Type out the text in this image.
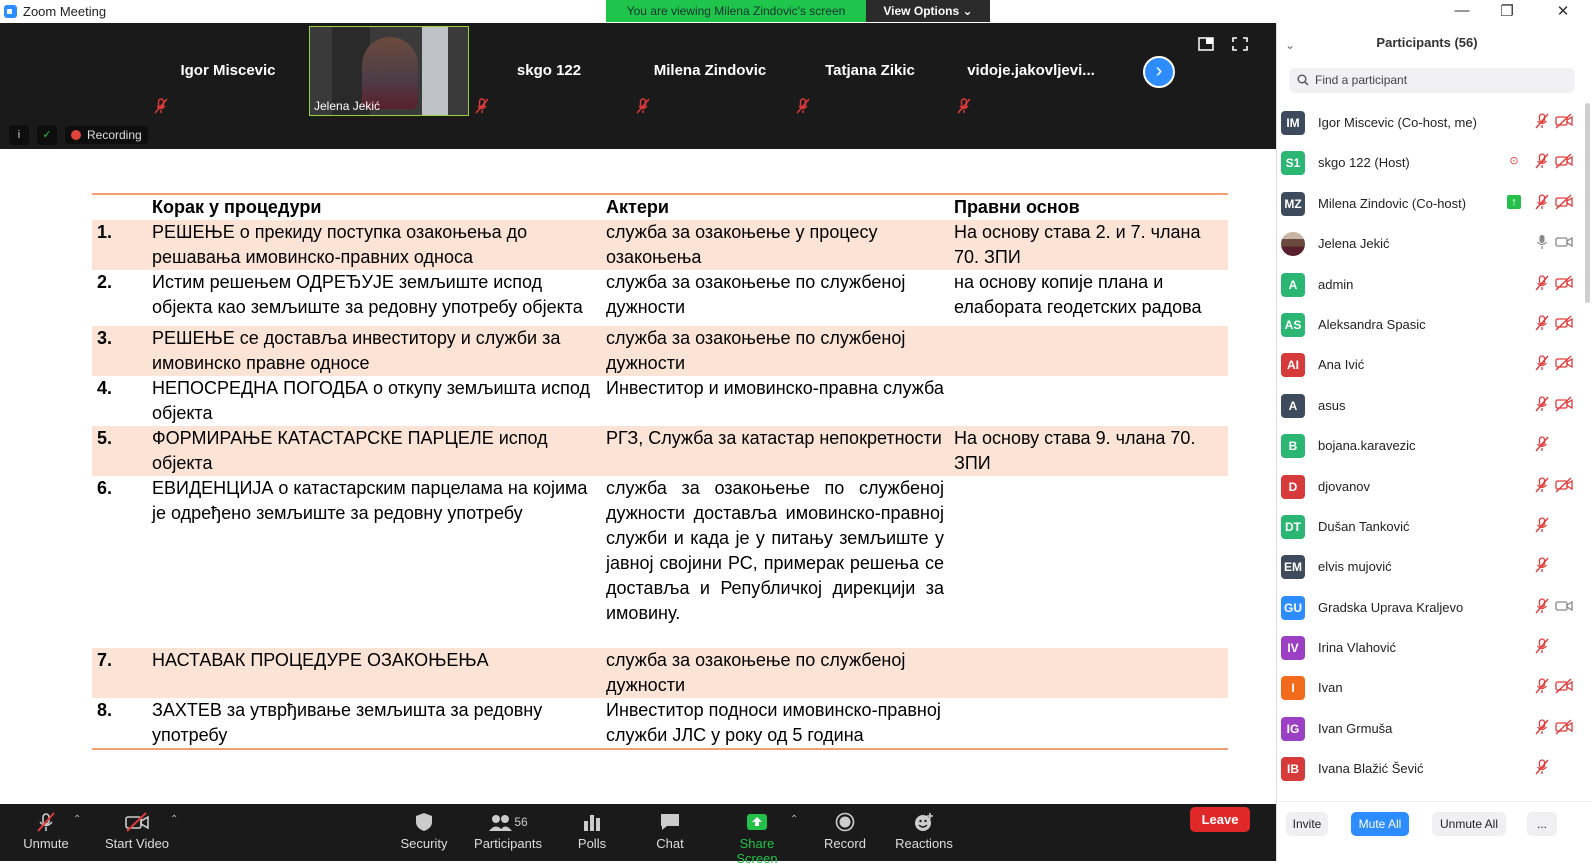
Zoom Meeting	You are viewing Milena Zindovic's screen	View Options ⌄	—	❐	✕
Igor Miscevic
Jelena Jekić
skgo 122	Milena Zindovic	Tatjana Zikic	vidoje.jakovljevi...	›
i	✓	Recording
	Корак у процедури	Актери	Правни основ
1.	РЕШЕЊЕ о прекиду поступка озакоњења до решавања имовинско-правних односа	служба за озакоњење у процесу озакоњења	На основу става 2. и 7. члана 70. ЗПИ
2.	Истим решењем ОДРЕЂУЈЕ земљиште испод објекта као земљиште за редовну употребу објекта	служба за озакоњење по службеној дужности	на основу копије плана и елабората геодетских радова

3.	РЕШЕЊЕ се доставља инвеститору и служби за имовинско правне односе	служба за озакоњење по службеној дужности	
4.	НЕПОСРЕДНА ПОГОДБА о откупу земљишта испод објекта	Инвеститор и имовинско-правна служба	
5.	ФОРМИРАЊЕ КАТАСТАРСКЕ ПАРЦЕЛЕ испод објекта	РГЗ, Служба за катастар непокретности	На основу става 9. члана 70. ЗПИ
6.	ЕВИДЕНЦИЈА о катастарским парцелама на којима је одређено земљиште за редовну употребу	служба за озакоњење по службеној дужности доставља имовинско-правној служби и када је у питању земљиште у јавној својини РС, примерак решења се доставља и Републичкој дирекцији за имовину.	

7.	НАСТАВАК ПРОЦЕДУРЕ ОЗАКОЊЕЊА	служба за озакоњење по службеној дужности	
8.	ЗАХТЕВ за утврђивање земљишта за редовну употребу	Инвеститор подноси имовинско-правној служби ЈЛС у року од 5 година	
Unmute
⌃
Start Video
⌃
Security
$^{56}$
Participants	Polls	Chat	Share Screen
⌃
Record Reactions
Leave
⌄	Participants (56)
Find a participant
IM	Igor Miscevic (Co-host, me)
S1	skgo 122 (Host)	⊙
MZ Milena Zindovic (Co-host)	↑
Jelena Jekić
A	admin
AS Aleksandra Spasic
AI	Ana Ivić
A	asus
B	bojana.karavezic
D	djovanov
DT	Dušan Tanković
EM elvis mujović
GU Gradska Uprava Kraljevo
IV	Irina Vlahović
I	Ivan
IG	Ivan Grmuša
IB	Ivana Blažić Šević
Invite	Mute All	Unmute All	...
